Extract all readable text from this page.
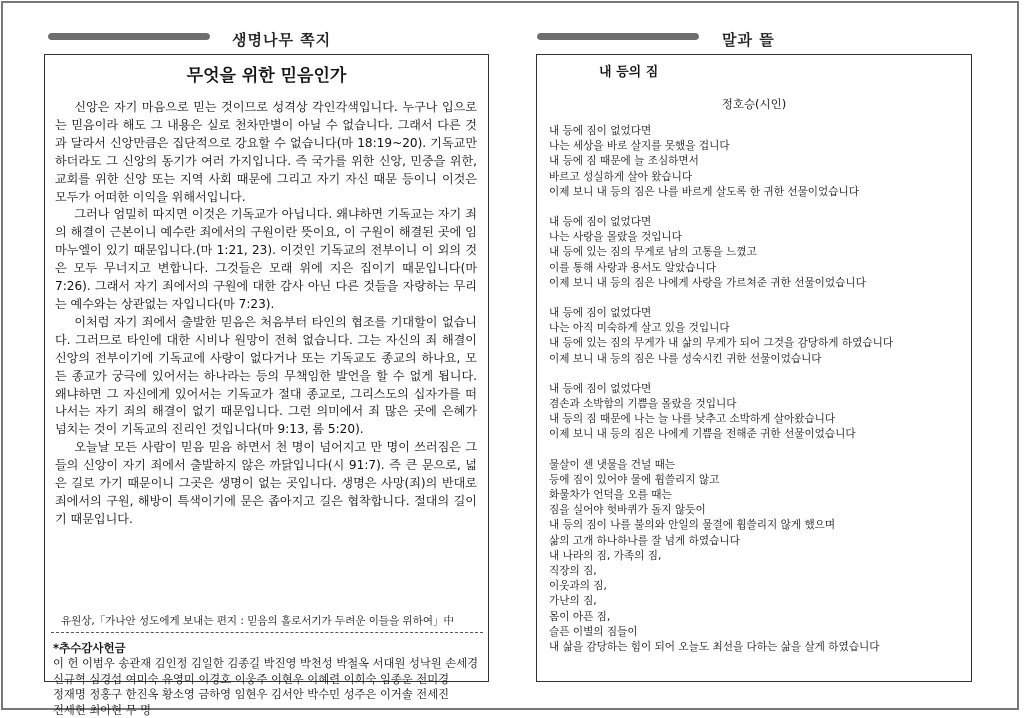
생명나무 쪽지	말과 뜰
무엇을 위한 믿음인가

신앙은 자기 마음으로 믿는 것이므로 성격상 각인각색입니다. 누구나 입으로는 믿음이라 해도 그 내용은 실로 천차만별이 아닐 수 없습니다. 그래서 다른 것과 달라서 신앙만큼은 집단적으로 강요할 수 없습니다(마 18:19~20). 기독교만 하더라도 그 신앙의 동기가 여러 가지입니다. 즉 국가를 위한 신앙, 민중을 위한, 교회를 위한 신앙 또는 지역 사회 때문에 그리고 자기 자신 때문 등이니 이것은 모두가 어떠한 이익을 위해서입니다.

그러나 엄밀히 따지면 이것은 기독교가 아닙니다. 왜냐하면 기독교는 자기 죄의 해결이 근본이니 예수란 죄에서의 구원이란 뜻이요, 이 구원이 해결된 곳에 임마누엘이 있기 때문입니다.(마 1:21, 23). 이것인 기독교의 전부이니 이 외의 것은 모두 무너지고 변합니다. 그것들은 모래 위에 지은 집이기 때문입니다(마 7:26). 그래서 자기 죄에서의 구원에 대한 감사 아닌 다른 것들을 자랑하는 무리는 예수와는 상관없는 자입니다(마 7:23).

이처럼 자기 죄에서 출발한 믿음은 처음부터 타인의 협조를 기대할이 없습니다. 그러므로 타인에 대한 시비나 원망이 전혀 없습니다. 그는 자신의 죄 해결이 신앙의 전부이기에 기독교에 사랑이 없다거나 또는 기독교도 종교의 하나요, 모든 종교가 궁극에 있어서는 하나라는 등의 무책임한 발언을 할 수 없게 됩니다. 왜냐하면 그 자신에게 있어서는 기독교가 절대 종교로, 그리스도의 십자가를 떠나서는 자기 죄의 해결이 없기 때문입니다. 그런 의미에서 죄 많은 곳에 은혜가 넘치는 것이 기독교의 진리인 것입니다(마 9:13, 롬 5:20).

오늘날 모든 사람이 믿음 믿음 하면서 천 명이 넘어지고 만 명이 쓰러짐은 그들의 신앙이 자기 죄에서 출발하지 않은 까닭입니다(시 91:7). 즉 큰 문으로, 넓은 길로 가기 때문이니 그곳은 생명이 없는 곳입니다. 생명은 사망(죄)의 반대로 죄에서의 구원, 해방이 특색이기에 문은 좁아지고 길은 협착합니다. 절대의 길이기 때문입니다.

유원상,「가나안 성도에게 보내는 편지 : 믿음의 홀로서기가 두려운 이들을 위하여」中
*추수감사헌금
이 헌 이범우 송관재 김인정 김일한 김종길 박진영 박천성 박철옥 서대원 성낙원 손세경 신규혁 심경섭 여미숙 유영미 이경호 이웅주 이현우 이혜련 이희숙 임종운 전미경 정재명 정홍구 한진옥 황소영 금하영 임현우 김서안 박수민 성주은 이거솔 전세진 전세현 최아현 무 명
내 등의 짐
정호승(시인)
내 등에 짐이 없었다면
나는 세상을 바로 살지를 못했을 겁니다
내 등에 짐 때문에 늘 조심하면서
바르고 성실하게 살아 왔습니다
이제 보니 내 등의 짐은 나를 바르게 살도록 한 귀한 선물이었습니다
내 등에 짐이 없었다면
나는 사랑을 몰랐을 것입니다
내 등에 있는 짐의 무게로 남의 고통을 느꼈고
이를 통해 사랑과 용서도 알았습니다
이제 보니 내 등의 짐은 나에게 사랑을 가르쳐준 귀한 선물이었습니다
내 등에 짐이 없었다면
나는 아직 미숙하게 살고 있을 것입니다
내 등에 있는 짐의 무게가 내 삶의 무게가 되어 그것을 감당하게 하였습니다
이제 보니 내 등의 짐은 나를 성숙시킨 귀한 선물이었습니다
내 등에 짐이 없었다면
겸손과 소박함의 기쁨을 몰랐을 것입니다
내 등의 짐 때문에 나는 늘 나를 낮추고 소박하게 살아왔습니다
이제 보니 내 등의 짐은 나에게 기쁨을 전해준 귀한 선물이었습니다
물살이 센 냇물을 건널 때는
등에 짐이 있어야 물에 휩쓸리지 않고
화물차가 언덕을 오를 때는
짐을 실어야 헛바퀴가 돌지 않듯이
내 등의 짐이 나를 불의와 안일의 물결에 휩쓸리지 않게 했으며
삶의 고개 하나하나를 잘 넘게 하였습니다
내 나라의 짐, 가족의 짐,
직장의 짐,
이웃과의 짐,
가난의 짐,
몸이 아픈 짐,
슬픈 이별의 짐들이
내 삶을 감당하는 힘이 되어 오늘도 최선을 다하는 삶을 살게 하였습니다
